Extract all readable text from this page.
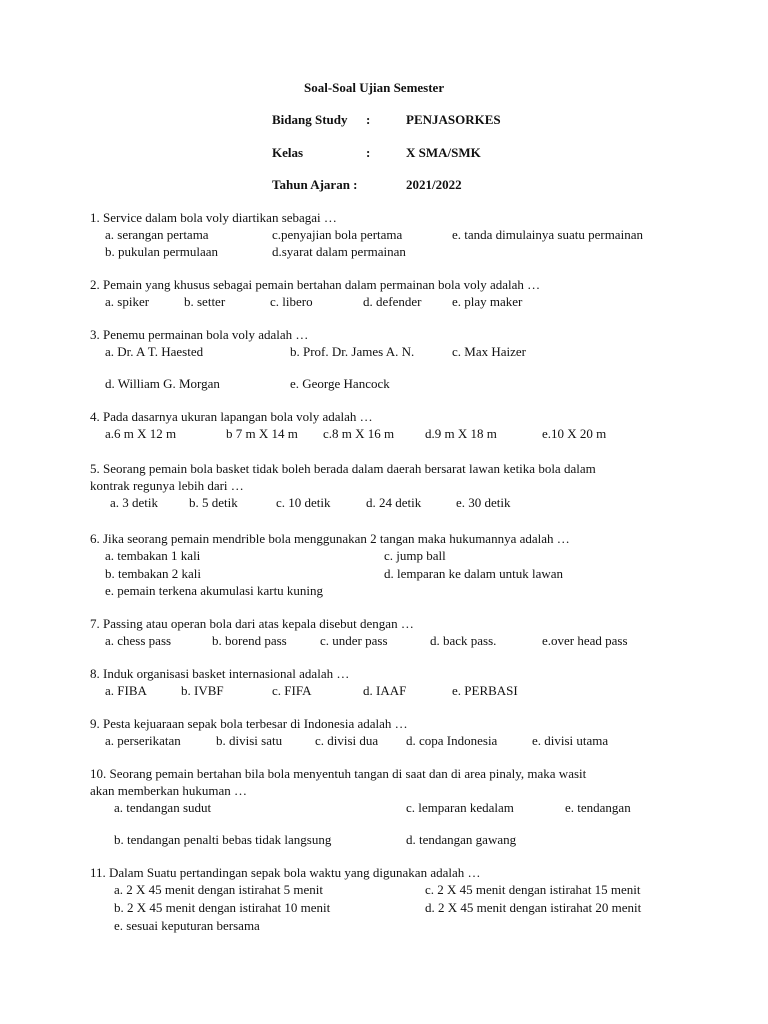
Soal-Soal Ujian Semester
Bidang Study :	PENJASORKES
Kelas	:	X SMA/SMK
Tahun Ajaran :	2021/2022
1. Service dalam bola voly diartikan sebagai …
a. serangan pertama	c.penyajian bola pertama	e. tanda dimulainya suatu permainan
b. pukulan permulaan	d.syarat dalam permainan
2. Pemain yang khusus sebagai pemain bertahan dalam permainan bola voly adalah …
a. spiker	b. setter	c. libero	d. defender e. play maker
3. Penemu permainan bola voly adalah …
a. Dr. A T. Haested	b. Prof. Dr. James A. N.	c. Max Haizer
d. William G. Morgan	e. George Hancock
4. Pada dasarnya ukuran lapangan bola voly adalah …
a.6 m X 12 m	b 7 m X 14 m c.8 m X 16 m d.9 m X 18 m	e.10 X 20 m
5. Seorang pemain bola basket tidak boleh berada dalam daerah bersarat lawan ketika bola dalam
kontrak regunya lebih dari …
a. 3 detik b. 5 detik	c. 10 detik	d. 24 detik	e. 30 detik
6. Jika seorang pemain mendrible bola menggunakan 2 tangan maka hukumannya adalah …
a. tembakan 1 kali	c. jump ball
b. tembakan 2 kali	d. lemparan ke dalam untuk lawan
e. pemain terkena akumulasi kartu kuning
7. Passing atau operan bola dari atas kepala disebut dengan …
a. chess pass	b. borend pass	c. under pass	d. back pass.	e.over head pass
8. Induk organisasi basket internasional adalah …
a. FIBA	b. IVBF	c. FIFA	d. IAAF	e. PERBASI
9. Pesta kejuaraan sepak bola terbesar di Indonesia adalah …
a. perserikatan	b. divisi satu	c. divisi dua d. copa Indonesia	e. divisi utama
10. Seorang pemain bertahan bila bola menyentuh tangan di saat dan di area pinaly, maka wasit
akan memberkan hukuman …
a. tendangan sudut	c. lemparan kedalam	e. tendangan
b. tendangan penalti bebas tidak langsung	d. tendangan gawang
11. Dalam Suatu pertandingan sepak bola waktu yang digunakan adalah …
a. 2 X 45 menit dengan istirahat 5 menit	c. 2 X 45 menit dengan istirahat 15 menit
b. 2 X 45 menit dengan istirahat 10 menit	d. 2 X 45 menit dengan istirahat 20 menit
e. sesuai keputuran bersama
